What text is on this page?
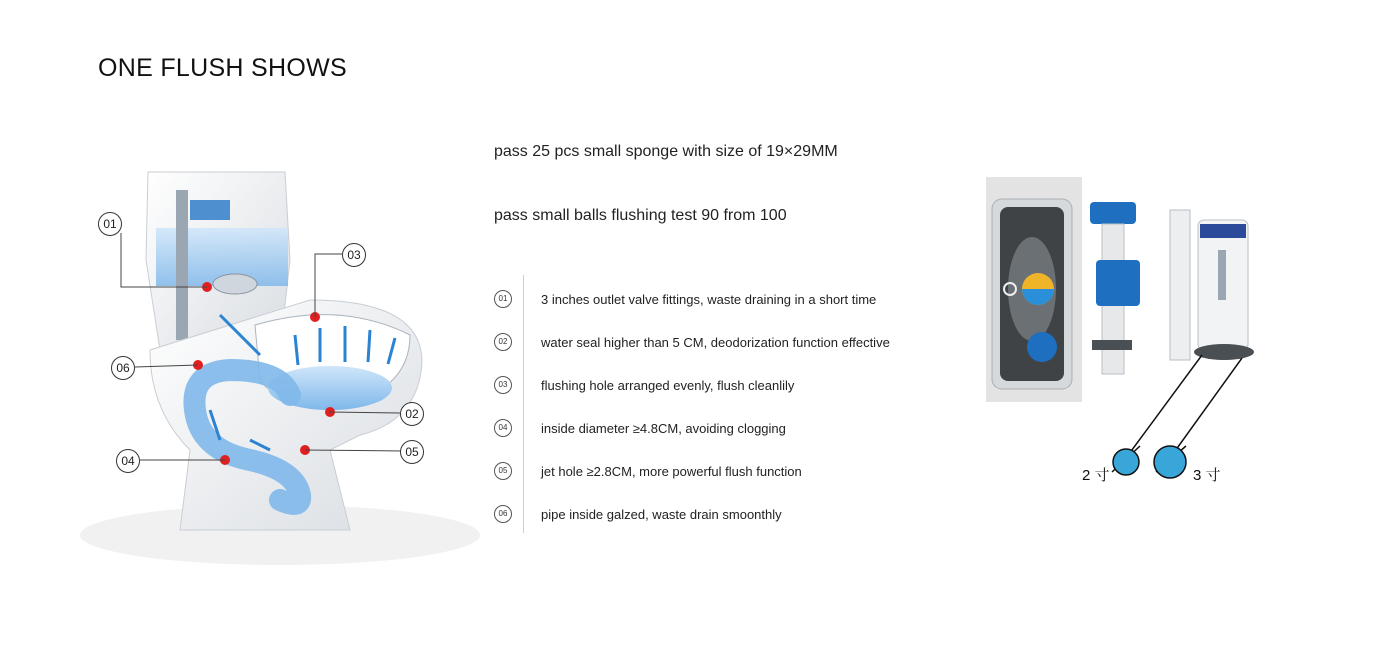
ONE FLUSH SHOWS
01
02
03
04
05
06
pass 25 pcs small sponge with size of 19×29MM
pass small balls flushing test 90 from 100
01	3 inches outlet valve fittings, waste draining in a short time
02	water seal higher than 5 CM, deodorization function effective
03	flushing hole arranged evenly, flush cleanlily
04	inside diameter ≥4.8CM, avoiding clogging
05	jet hole ≥2.8CM, more powerful flush function
06	pipe inside galzed, waste drain smoonthly
2 寸	3 寸
